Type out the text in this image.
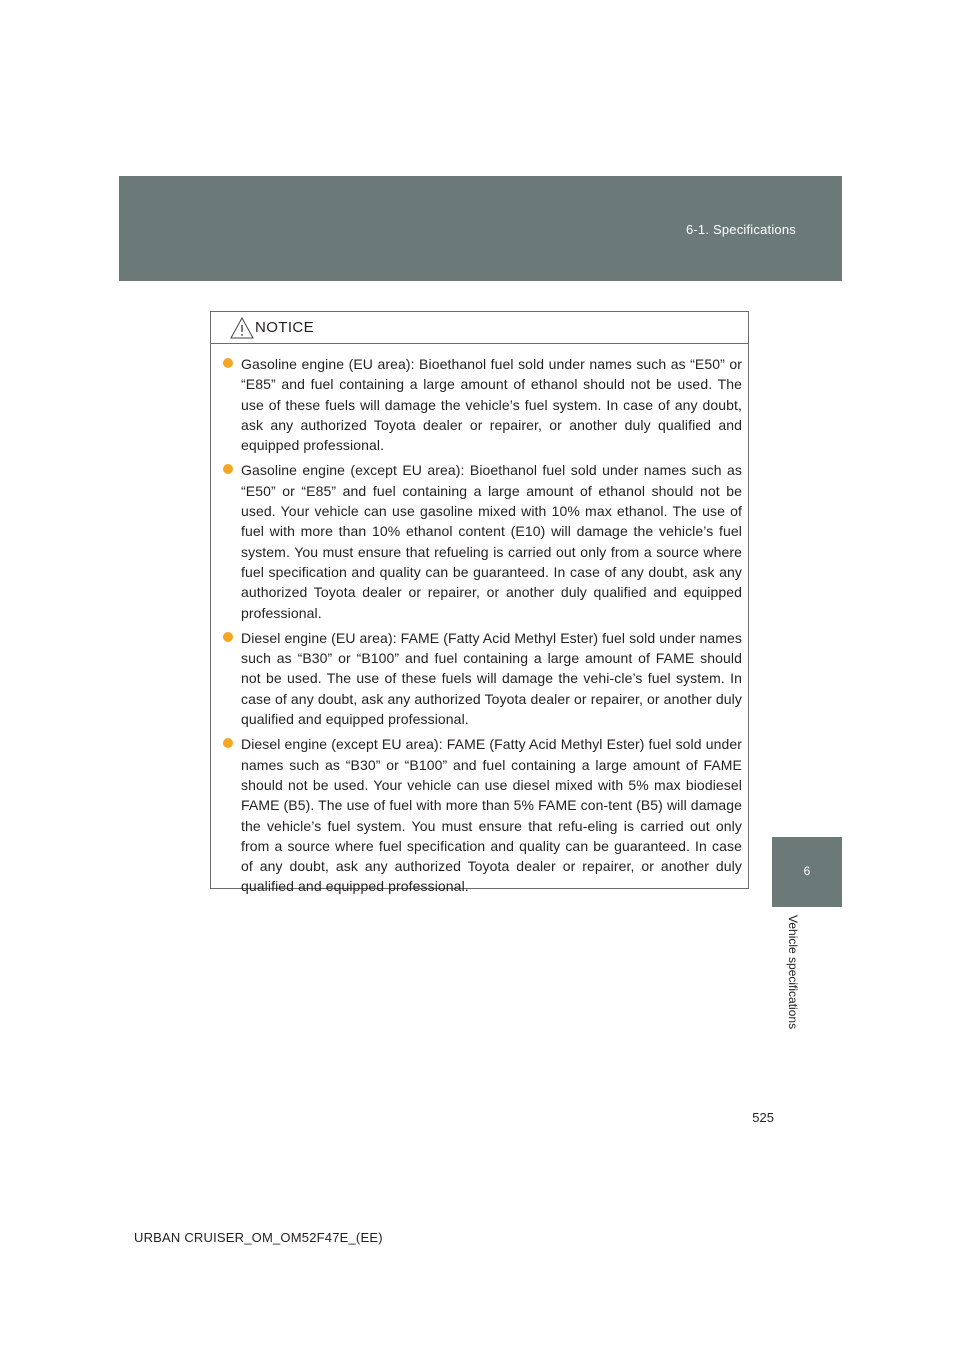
6-1. Specifications
6
Vehicle specifications
NOTICE
Gasoline engine (EU area): Bioethanol fuel sold under names such as “E50” or “E85” and fuel containing a large amount of ethanol should not be used. The use of these fuels will damage the vehicle’s fuel system. In case of any doubt, ask any authorized Toyota dealer or repairer, or another duly qualified and equipped professional.
Gasoline engine (except EU area): Bioethanol fuel sold under names such as “E50” or “E85” and fuel containing a large amount of ethanol should not be used. Your vehicle can use gasoline mixed with 10% max ethanol. The use of fuel with more than 10% ethanol content (E10) will damage the vehicle’s fuel system. You must ensure that refueling is carried out only from a source where fuel specification and quality can be guaranteed. In case of any doubt, ask any authorized Toyota dealer or repairer, or another duly qualified and equipped professional.
Diesel engine (EU area): FAME (Fatty Acid Methyl Ester) fuel sold under names such as “B30” or “B100” and fuel containing a large amount of FAME should not be used. The use of these fuels will damage the vehi-cle’s fuel system. In case of any doubt, ask any authorized Toyota dealer or repairer, or another duly qualified and equipped professional.
Diesel engine (except EU area): FAME (Fatty Acid Methyl Ester) fuel sold under names such as “B30” or “B100” and fuel containing a large amount of FAME should not be used. Your vehicle can use diesel mixed with 5% max biodiesel FAME (B5). The use of fuel with more than 5% FAME con-tent (B5) will damage the vehicle’s fuel system. You must ensure that refu-eling is carried out only from a source where fuel specification and quality can be guaranteed. In case of any doubt, ask any authorized Toyota dealer or repairer, or another duly qualified and equipped professional.
525
URBAN CRUISER_OM_OM52F47E_(EE)
